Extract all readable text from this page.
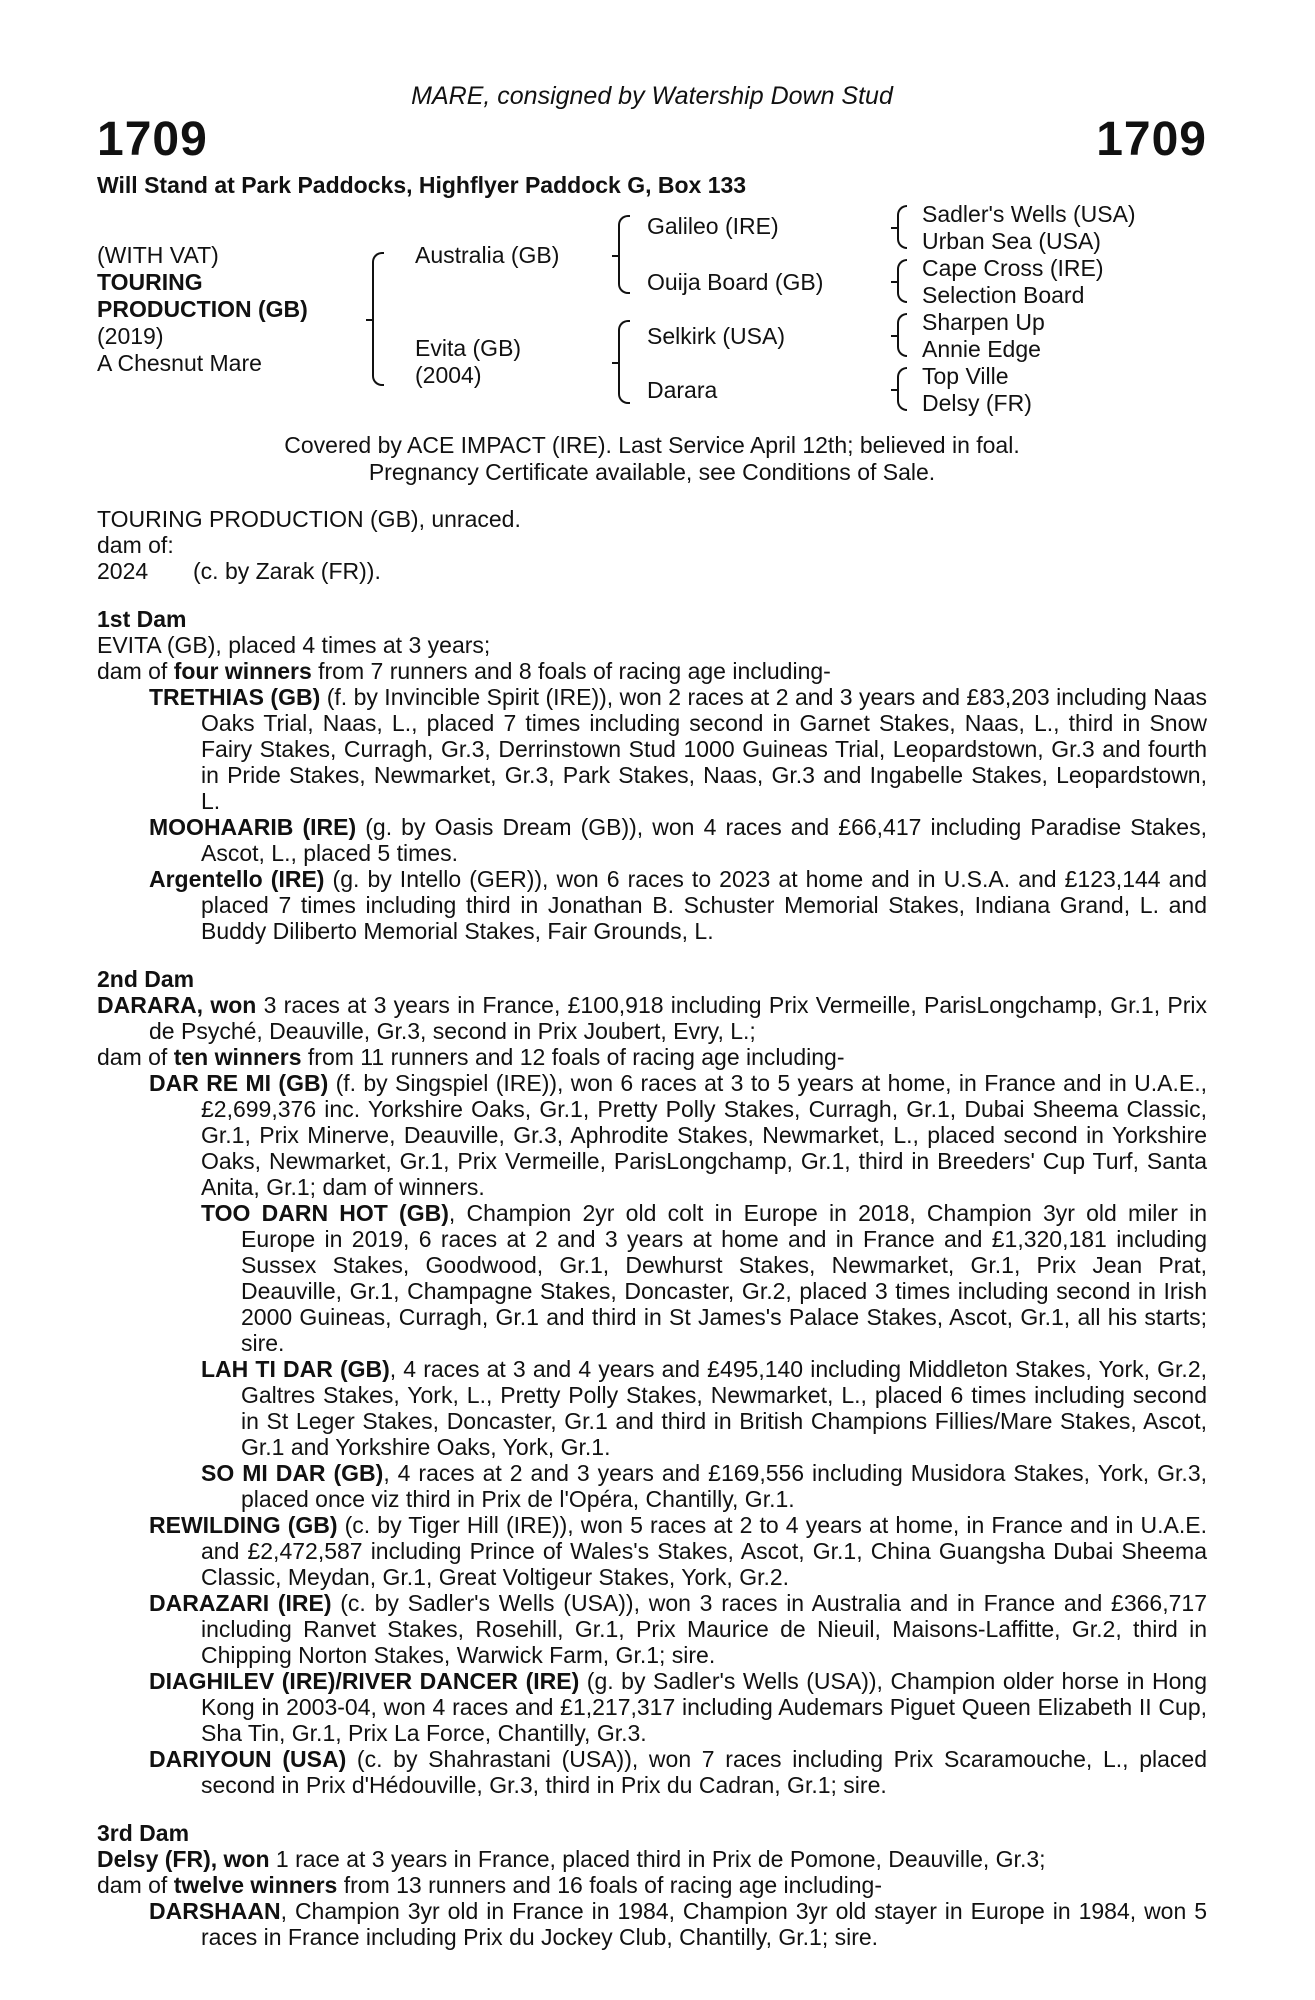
MARE, consigned by Watership Down Stud
1709	1709
Will Stand at Park Paddocks, Highflyer Paddock G, Box 133
(WITH VAT)
TOURING
PRODUCTION (GB)
(2019)
A Chesnut Mare
Australia (GB)
Evita (GB)
(2004)
Galileo (IRE)
Ouija Board (GB)
Selkirk (USA)
Darara
Sadler's Wells (USA)
Urban Sea (USA)
Cape Cross (IRE)
Selection Board
Sharpen Up
Annie Edge
Top Ville
Delsy (FR)
Covered by ACE IMPACT (IRE). Last Service April 12th; believed in foal.
Pregnancy Certificate available, see Conditions of Sale.

TOURING PRODUCTION (GB), unraced.

dam of:

2024 (c. by Zarak (FR)).

1st Dam

EVITA (GB), placed 4 times at 3 years;

dam of four winners from 7 runners and 8 foals of racing age including-

TRETHIAS (GB) (f. by Invincible Spirit (IRE)), won 2 races at 2 and 3 years and £83,203 including Naas Oaks Trial, Naas, L., placed 7 times including second in Garnet Stakes, Naas, L., third in Snow Fairy Stakes, Curragh, Gr.3, Derrinstown Stud 1000 Guineas Trial, Leopardstown, Gr.3 and fourth in Pride Stakes, Newmarket, Gr.3, Park Stakes, Naas, Gr.3 and Ingabelle Stakes, Leopardstown, L.

MOOHAARIB (IRE) (g. by Oasis Dream (GB)), won 4 races and £66,417 including Paradise Stakes, Ascot, L., placed 5 times.

Argentello (IRE) (g. by Intello (GER)), won 6 races to 2023 at home and in U.S.A. and £123,144 and placed 7 times including third in Jonathan B. Schuster Memorial Stakes, Indiana Grand, L. and Buddy Diliberto Memorial Stakes, Fair Grounds, L.

2nd Dam

DARARA, won 3 races at 3 years in France, £100,918 including Prix Vermeille, ParisLongchamp, Gr.1, Prix de Psyché, Deauville, Gr.3, second in Prix Joubert, Evry, L.;

dam of ten winners from 11 runners and 12 foals of racing age including-

DAR RE MI (GB) (f. by Singspiel (IRE)), won 6 races at 3 to 5 years at home, in France and in U.A.E., £2,699,376 inc. Yorkshire Oaks, Gr.1, Pretty Polly Stakes, Curragh, Gr.1, Dubai Sheema Classic, Gr.1, Prix Minerve, Deauville, Gr.3, Aphrodite Stakes, Newmarket, L., placed second in Yorkshire Oaks, Newmarket, Gr.1, Prix Vermeille, ParisLongchamp, Gr.1, third in Breeders' Cup Turf, Santa Anita, Gr.1; dam of winners.

TOO DARN HOT (GB), Champion 2yr old colt in Europe in 2018, Champion 3yr old miler in Europe in 2019, 6 races at 2 and 3 years at home and in France and £1,320,181 including Sussex Stakes, Goodwood, Gr.1, Dewhurst Stakes, Newmarket, Gr.1, Prix Jean Prat, Deauville, Gr.1, Champagne Stakes, Doncaster, Gr.2, placed 3 times including second in Irish 2000 Guineas, Curragh, Gr.1 and third in St James's Palace Stakes, Ascot, Gr.1, all his starts; sire.

LAH TI DAR (GB), 4 races at 3 and 4 years and £495,140 including Middleton Stakes, York, Gr.2, Galtres Stakes, York, L., Pretty Polly Stakes, Newmarket, L., placed 6 times including second in St Leger Stakes, Doncaster, Gr.1 and third in British Champions Fillies/Mare Stakes, Ascot, Gr.1 and Yorkshire Oaks, York, Gr.1.

SO MI DAR (GB), 4 races at 2 and 3 years and £169,556 including Musidora Stakes, York, Gr.3, placed once viz third in Prix de l'Opéra, Chantilly, Gr.1.

REWILDING (GB) (c. by Tiger Hill (IRE)), won 5 races at 2 to 4 years at home, in France and in U.A.E. and £2,472,587 including Prince of Wales's Stakes, Ascot, Gr.1, China Guangsha Dubai Sheema Classic, Meydan, Gr.1, Great Voltigeur Stakes, York, Gr.2.

DARAZARI (IRE) (c. by Sadler's Wells (USA)), won 3 races in Australia and in France and £366,717 including Ranvet Stakes, Rosehill, Gr.1, Prix Maurice de Nieuil, Maisons-Laffitte, Gr.2, third in Chipping Norton Stakes, Warwick Farm, Gr.1; sire.

DIAGHILEV (IRE)/RIVER DANCER (IRE) (g. by Sadler's Wells (USA)), Champion older horse in Hong Kong in 2003-04, won 4 races and £1,217,317 including Audemars Piguet Queen Elizabeth II Cup, Sha Tin, Gr.1, Prix La Force, Chantilly, Gr.3.

DARIYOUN (USA) (c. by Shahrastani (USA)), won 7 races including Prix Scaramouche, L., placed second in Prix d'Hédouville, Gr.3, third in Prix du Cadran, Gr.1; sire.

3rd Dam

Delsy (FR), won 1 race at 3 years in France, placed third in Prix de Pomone, Deauville, Gr.3;

dam of twelve winners from 13 runners and 16 foals of racing age including-

DARSHAAN, Champion 3yr old in France in 1984, Champion 3yr old stayer in Europe in 1984, won 5 races in France including Prix du Jockey Club, Chantilly, Gr.1; sire.
